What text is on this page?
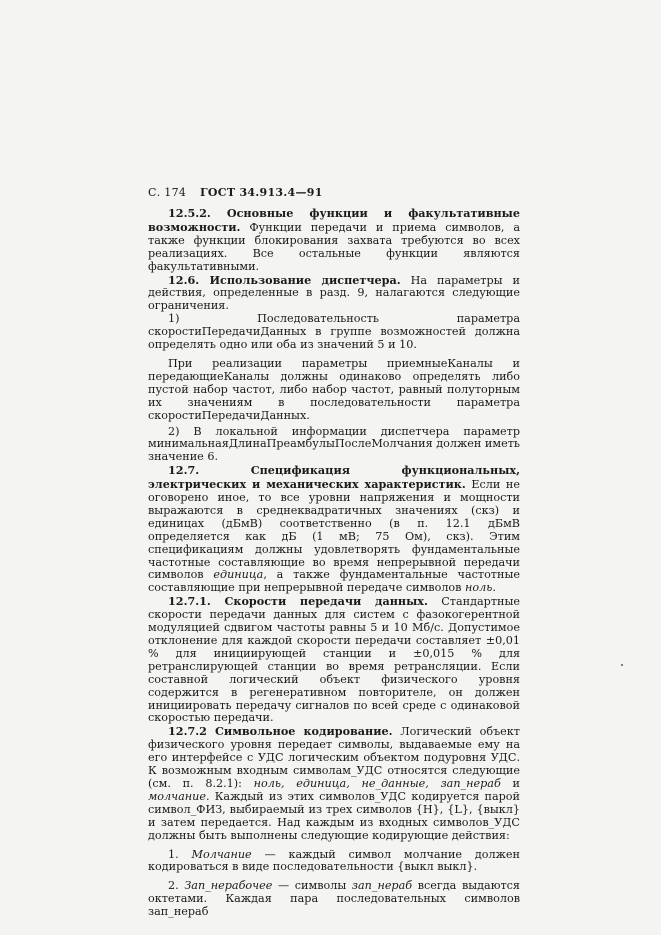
С. 174 ГОСТ 34.913.4—91

12.5.2. Основные функции и факультативные возможности. Функции передачи и приема символов, а также функции блокирования захвата требуются во всех реализациях. Все остальные функции являются факультативными.

12.6. Использование диспетчера. На параметры и действия, определенные в разд. 9, налагаются следующие ограничения.

1) Последовательность параметра скоростиПередачиДанных в группе возможностей должна определять одно или оба из значений 5 и 10.

При реализации параметры приемныеКаналы и передающиеКаналы должны одинаково определять либо пустой набор частот, либо набор частот, равный полуторным их значениям в последовательности параметра скоростиПередачиДанных.

2) В локальной информации диспетчера параметр минимальнаяДлинаПреамбулыПослеМолчания должен иметь значение 6.

12.7. Спецификация функциональных, электрических и механических характеристик. Если не оговорено иное, то все уровни напряжения и мощности выражаются в среднеквадратичных значениях (скз) и единицах (дБмВ) соответственно (в п. 12.1 дБмВ определяется как дБ (1 мВ; 75 Ом), скз). Этим спецификациям должны удовлетворять фундаментальные частотные составляющие во время непрерывной передачи символов единица, а также фундаментальные частотные составляющие при непрерывной передаче символов ноль.

12.7.1. Скорости передачи данных. Стандартные скорости передачи данных для систем с фазокогерентной модуляцией сдвигом частоты равны 5 и 10 Мб/с. Допустимое отклонение для каждой скорости передачи составляет ±0,01 % для инициирующей станции и ±0,015 % для ретранслирующей станции во время ретрансляции. Если составной логический объект физического уровня содержится в регенеративном повторителе, он должен инициировать передачу сигналов по всей среде с одинаковой скоростью передачи.

12.7.2 Символьное кодирование. Логический объект физического уровня передает символы, выдаваемые ему на его интерфейсе с УДС логическим объектом подуровня УДС. К возможным входным символам_УДС относятся следующие (см. п. 8.2.1): ноль, единица, не_данные, зап_нераб и молчание. Каждый из этих символов_УДС кодируется парой символ_ФИЗ, выбираемый из трех символов {H}, {L}, {выкл} и затем передается. Над каждым из входных символов_УДС должны быть выполнены следующие кодирующие действия:

1. Молчание — каждый символ молчание должен кодироваться в виде последовательности {выкл выкл}.

2. Зап_нерабочее — символы зап_нераб всегда выдаются октетами. Каждая пара последовательных символов зап_нераб
